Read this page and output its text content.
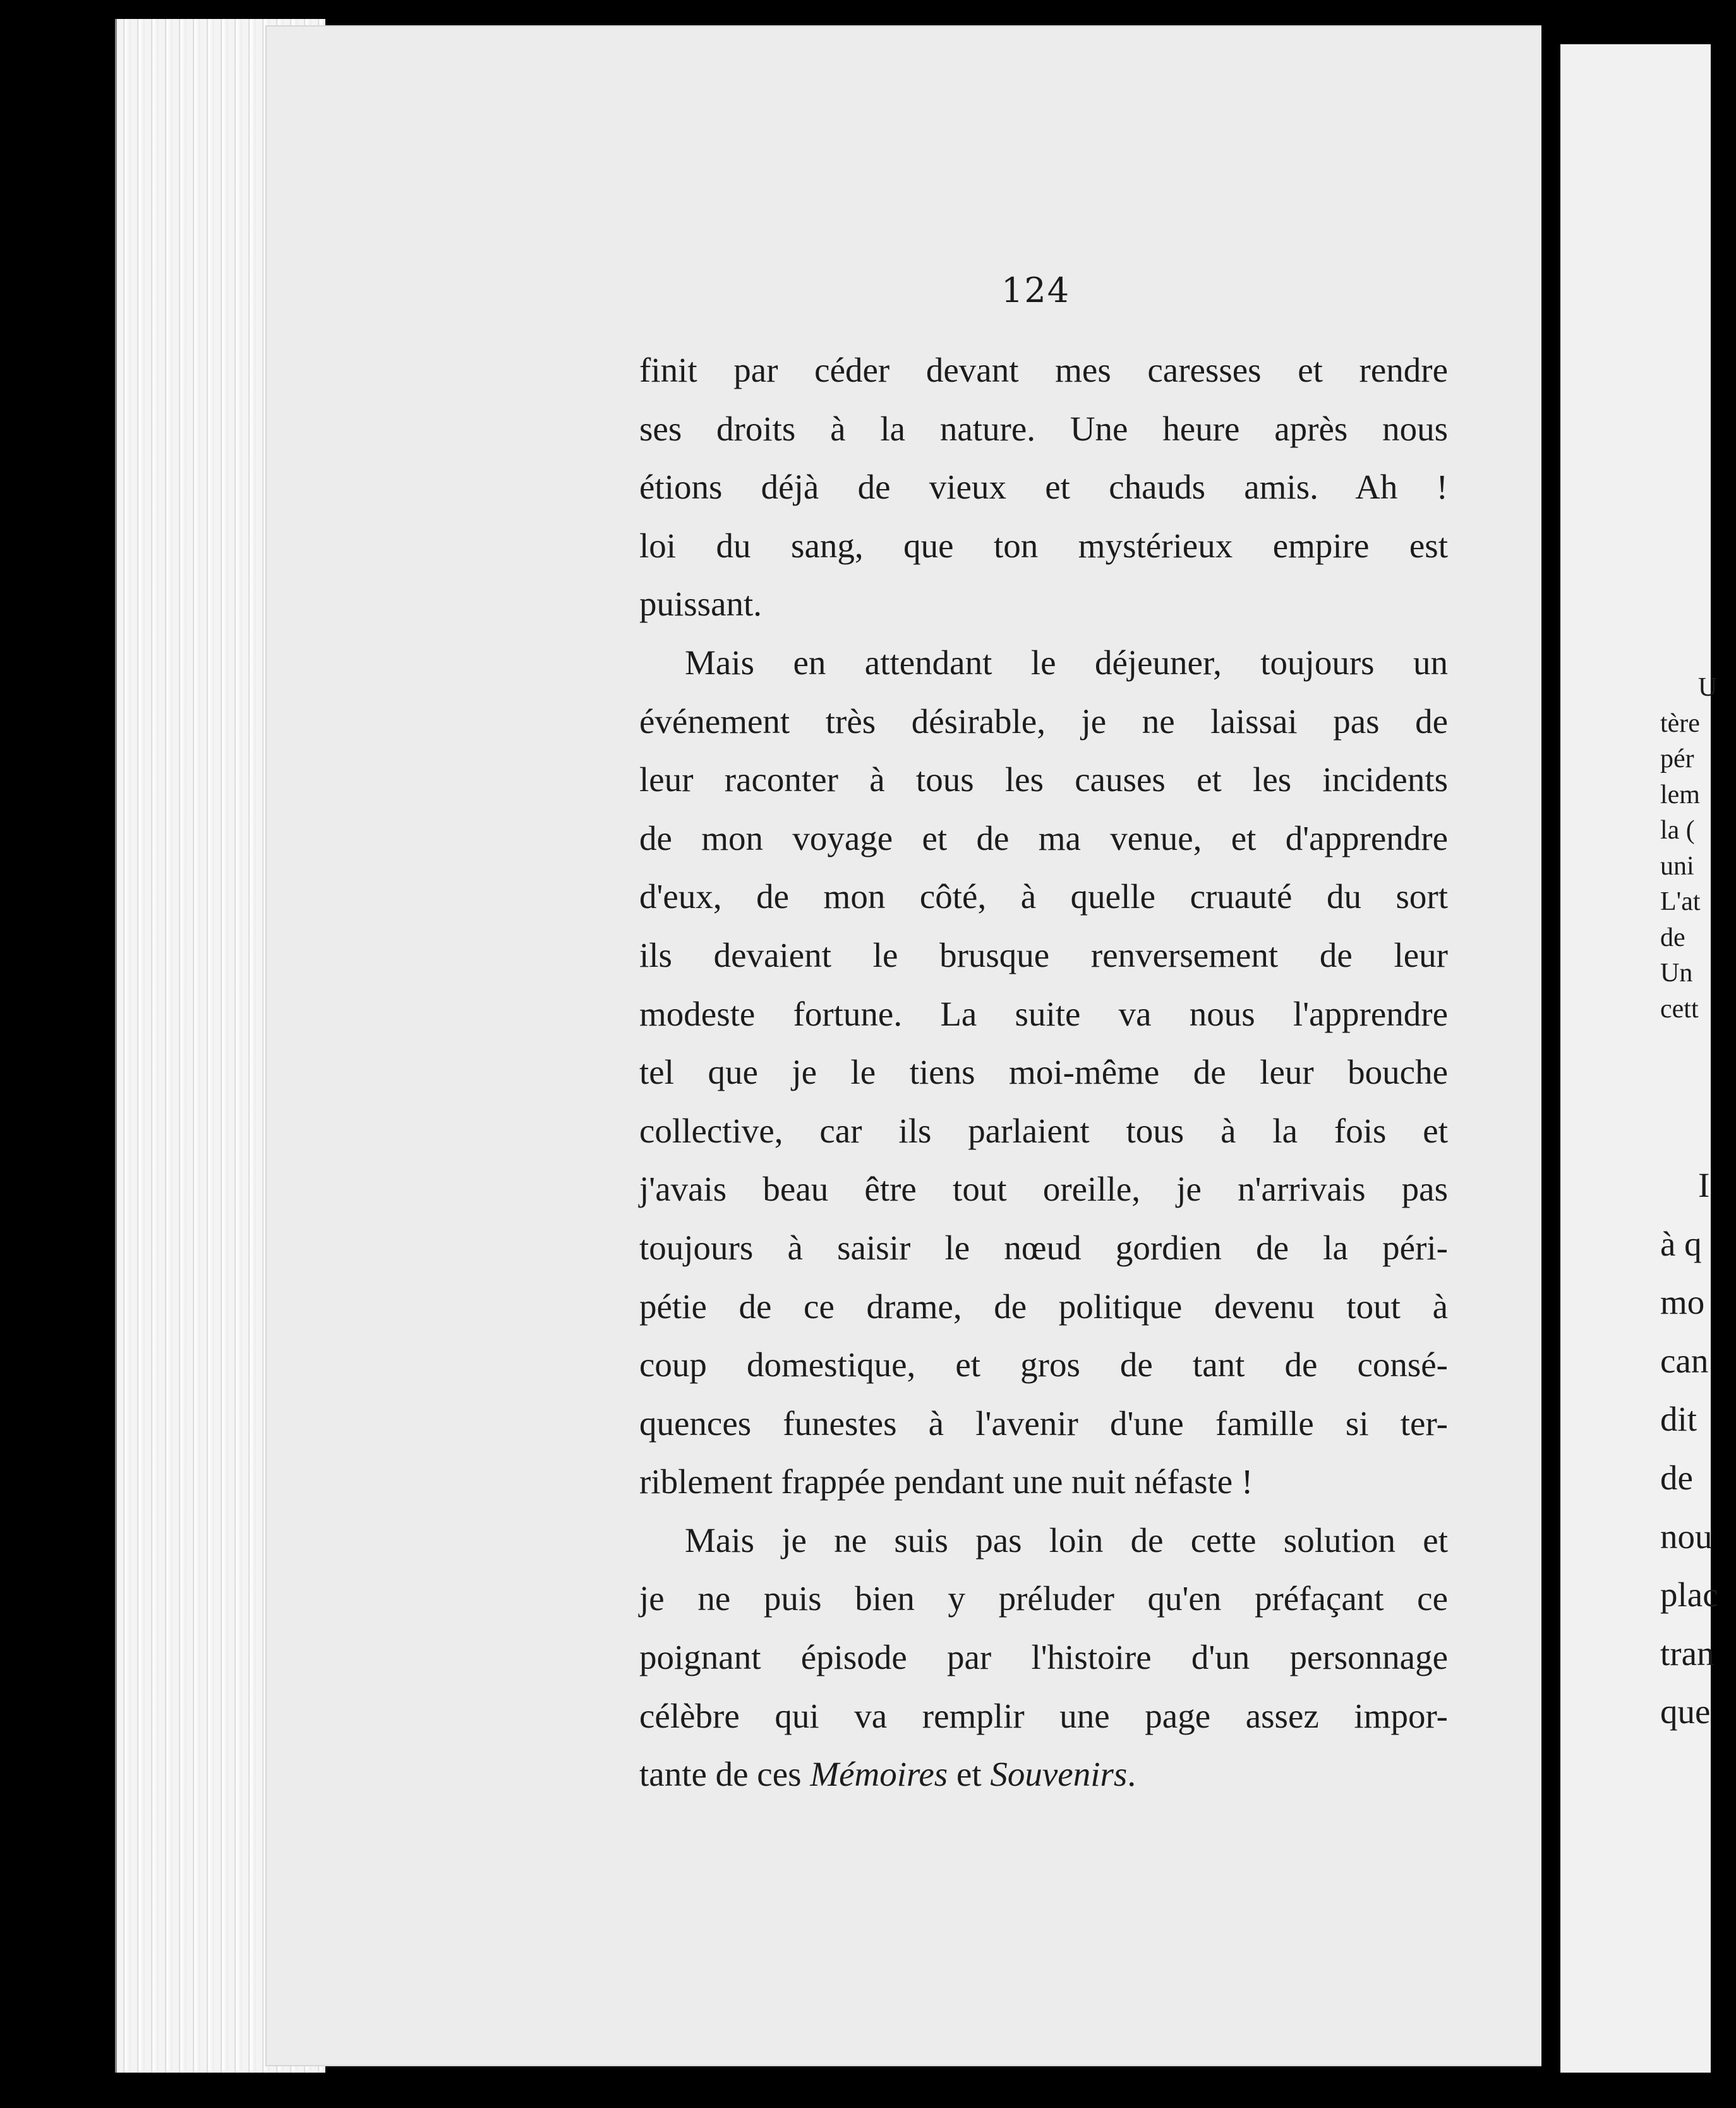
124

finit par céder devant mes caresses et rendre
ses droits à la nature. Une heure après nous
étions déjà de vieux et chauds amis. Ah !
loi du sang, que ton mystérieux empire est
puissant.

Mais en attendant le déjeuner, toujours un
événement très désirable, je ne laissai pas de
leur raconter à tous les causes et les incidents
de mon voyage et de ma venue, et d'apprendre
d'eux, de mon côté, à quelle cruauté du sort
ils devaient le brusque renversement de leur
modeste fortune. La suite va nous l'apprendre
tel que je le tiens moi-même de leur bouche
collective, car ils parlaient tous à la fois et
j'avais beau être tout oreille, je n'arrivais pas
toujours à saisir le nœud gordien de la péri-
pétie de ce drame, de politique devenu tout à
coup domestique, et gros de tant de consé-
quences funestes à l'avenir d'une famille si ter-
riblement frappée pendant une nuit néfaste !

Mais je ne suis pas loin de cette solution et
je ne puis bien y préluder qu'en préfaçant ce
poignant épisode par l'histoire d'un personnage
célèbre qui va remplir une page assez impor-
tante de ces Mémoires et Souvenirs.

U
tère
pér
lem
la (
uni
L'at
de
Un
cett
I
à q
mo
can
dit
de
nou
plac
tran
que
